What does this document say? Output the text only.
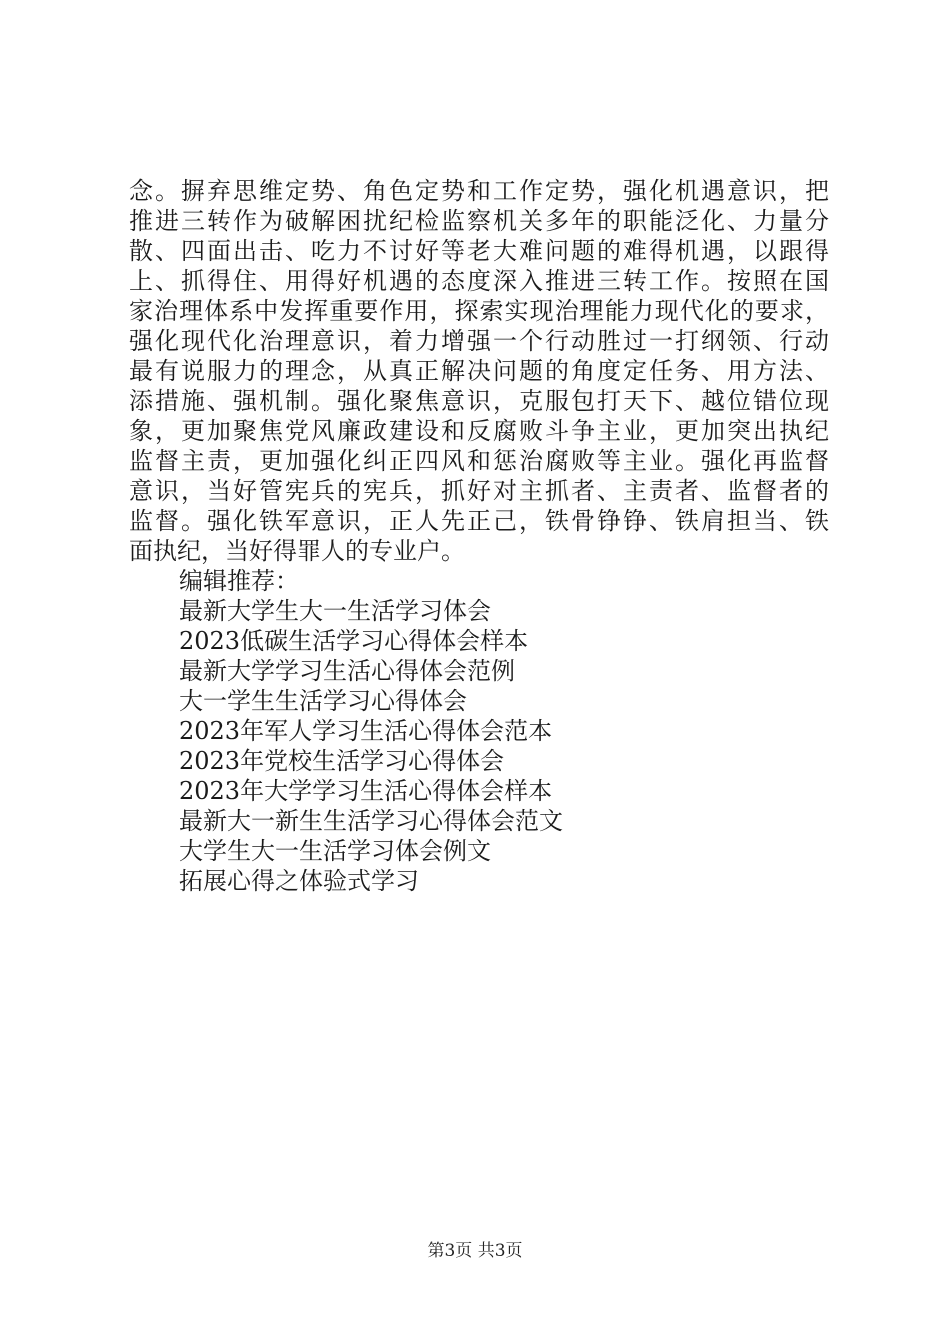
念。摒弃思维定势、角色定势和工作定势，强化机遇意识，把
推进三转作为破解困扰纪检监察机关多年的职能泛化、力量分
散、四面出击、吃力不讨好等老大难问题的难得机遇，以跟得
上、抓得住、用得好机遇的态度深入推进三转工作。按照在国
家治理体系中发挥重要作用，探索实现治理能力现代化的要求，
强化现代化治理意识，着力增强一个行动胜过一打纲领、行动
最有说服力的理念，从真正解决问题的角度定任务、用方法、
添措施、强机制。强化聚焦意识，克服包打天下、越位错位现
象，更加聚焦党风廉政建设和反腐败斗争主业，更加突出执纪
监督主责，更加强化纠正四风和惩治腐败等主业。强化再监督
意识，当好管宪兵的宪兵，抓好对主抓者、主责者、监督者的
监督。强化铁军意识，正人先正己，铁骨铮铮、铁肩担当、铁
面执纪，当好得罪人的专业户。
编辑推荐：
最新大学生大一生活学习体会
2023低碳生活学习心得体会样本
最新大学学习生活心得体会范例
大一学生生活学习心得体会
2023年军人学习生活心得体会范本
2023年党校生活学习心得体会
2023年大学学习生活心得体会样本
最新大一新生生活学习心得体会范文
大学生大一生活学习体会例文
拓展心得之体验式学习
第3页 共3页
